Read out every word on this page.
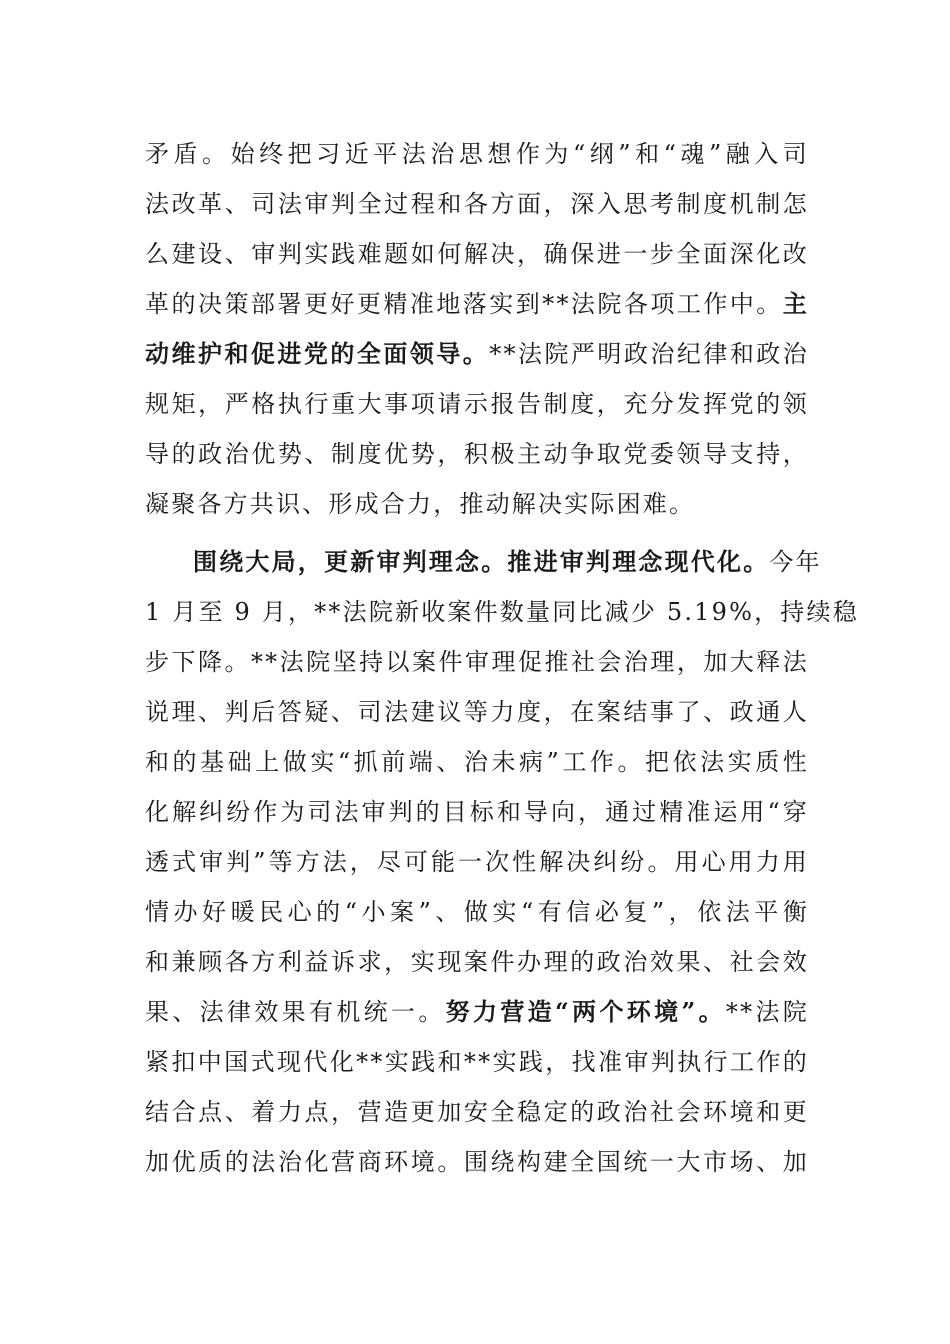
矛盾。始终把习近平法治思想作为“纲”和“魂”融入司
法改革、司法审判全过程和各方面，深入思考制度机制怎
么建设、审判实践难题如何解决，确保进一步全面深化改
革的决策部署更好更精准地落实到**法院各项工作中。主
动维护和促进党的全面领导。**法院严明政治纪律和政治
规矩，严格执行重大事项请示报告制度，充分发挥党的领
导的政治优势、制度优势，积极主动争取党委领导支持，
凝聚各方共识、形成合力，推动解决实际困难。
围绕大局，更新审判理念。推进审判理念现代化。今年
1 月至 9 月，**法院新收案件数量同比减少 5.19%，持续稳
步下降。**法院坚持以案件审理促推社会治理，加大释法
说理、判后答疑、司法建议等力度，在案结事了、政通人
和的基础上做实“抓前端、治未病”工作。把依法实质性
化解纠纷作为司法审判的目标和导向，通过精准运用“穿
透式审判”等方法，尽可能一次性解决纠纷。用心用力用
情办好暖民心的“小案”、做实“有信必复”，依法平衡
和兼顾各方利益诉求，实现案件办理的政治效果、社会效
果、法律效果有机统一。努力营造“两个环境”。**法院
紧扣中国式现代化**实践和**实践，找准审判执行工作的
结合点、着力点，营造更加安全稳定的政治社会环境和更
加优质的法治化营商环境。围绕构建全国统一大市场、加
